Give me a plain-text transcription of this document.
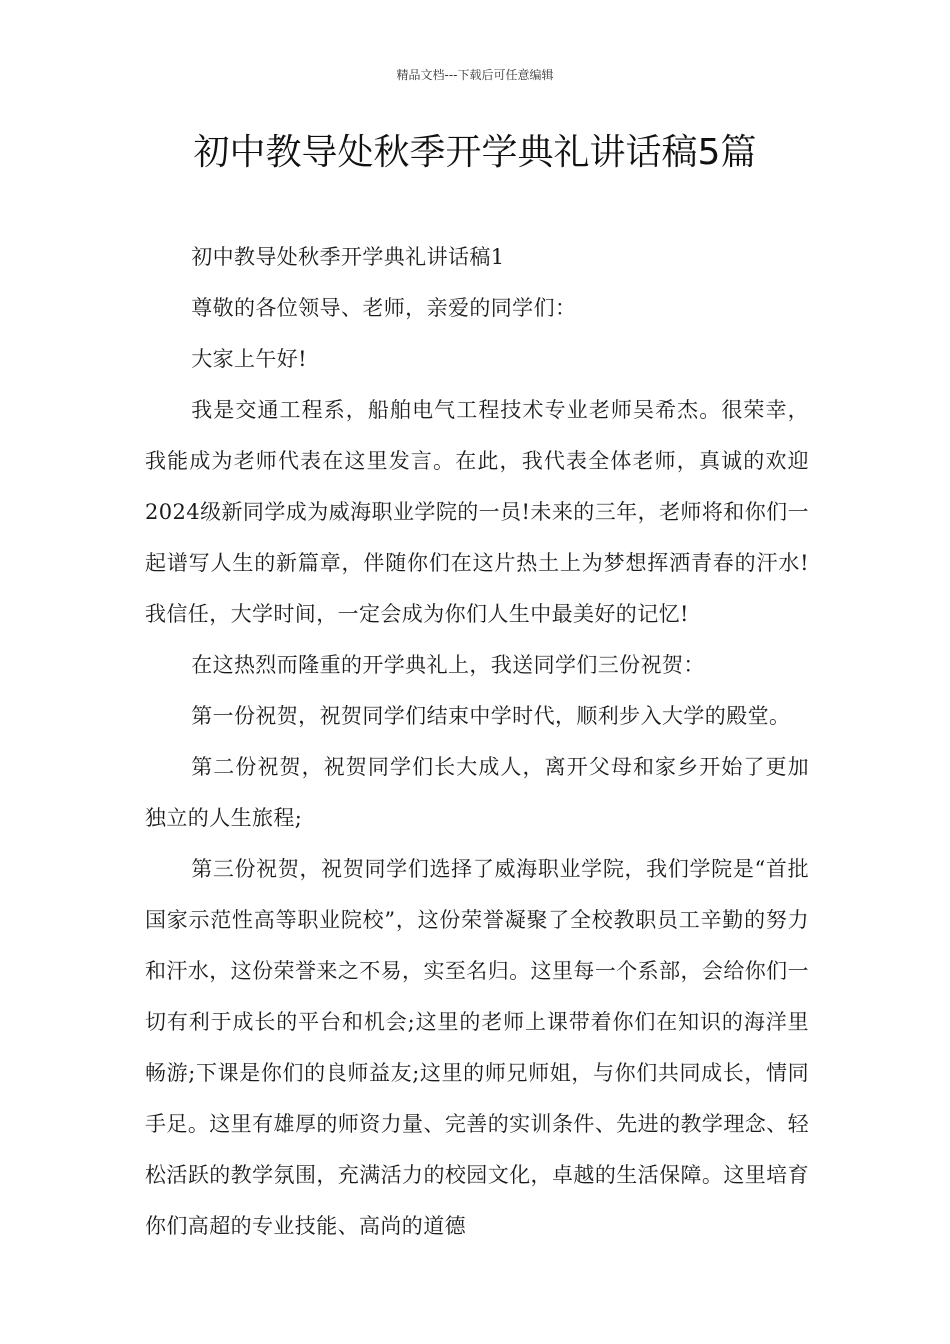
精品文档---下载后可任意编辑
初中教导处秋季开学典礼讲话稿5篇

初中教导处秋季开学典礼讲话稿1

尊敬的各位领导、老师，亲爱的同学们：

大家上午好!

我是交通工程系，船舶电气工程技术专业老师吴希杰。很荣幸，我能成为老师代表在这里发言。在此，我代表全体老师，真诚的欢迎2024级新同学成为威海职业学院的一员!未来的三年，老师将和你们一起谱写人生的新篇章，伴随你们在这片热土上为梦想挥洒青春的汗水!我信任，大学时间，一定会成为你们人生中最美好的记忆!

在这热烈而隆重的开学典礼上，我送同学们三份祝贺：

第一份祝贺，祝贺同学们结束中学时代，顺利步入大学的殿堂。

第二份祝贺，祝贺同学们长大成人，离开父母和家乡开始了更加独立的人生旅程;

第三份祝贺，祝贺同学们选择了威海职业学院，我们学院是“首批国家示范性高等职业院校”，这份荣誉凝聚了全校教职员工辛勤的努力和汗水，这份荣誉来之不易，实至名归。这里每一个系部，会给你们一切有利于成长的平台和机会;这里的老师上课带着你们在知识的海洋里畅游;下课是你们的良师益友;这里的师兄师姐，与你们共同成长，情同手足。这里有雄厚的师资力量、完善的实训条件、先进的教学理念、轻松活跃的教学氛围，充满活力的校园文化，卓越的生活保障。这里培育你们高超的专业技能、高尚的道德
